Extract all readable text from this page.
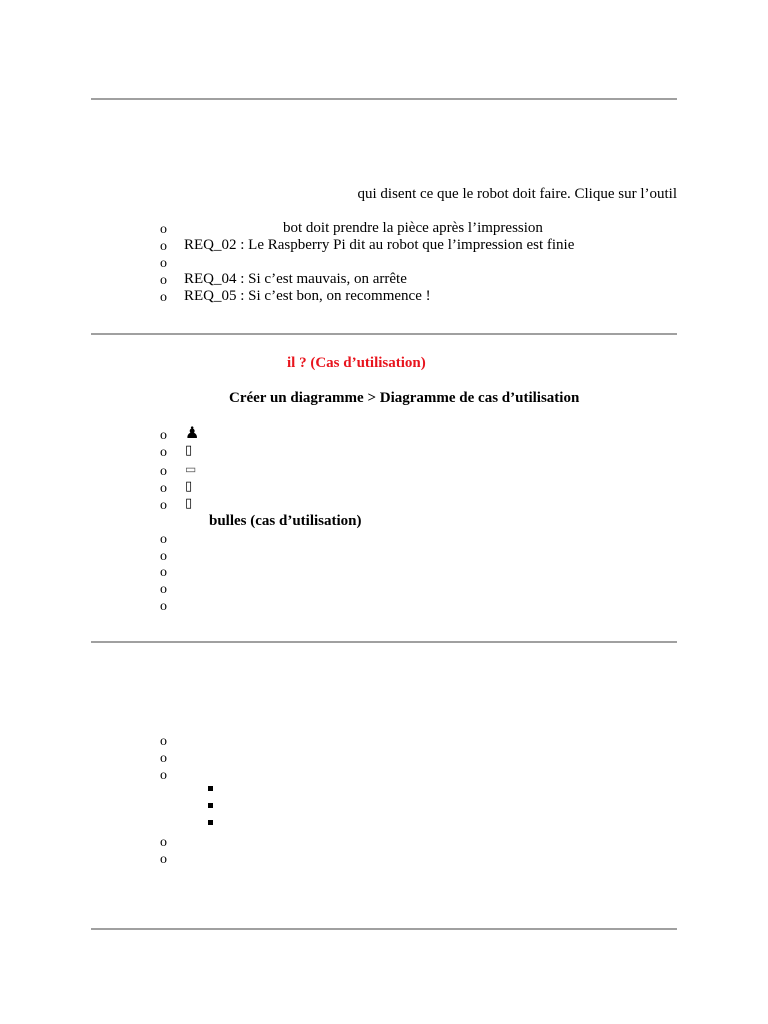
qui disent ce que le robot doit faire. Clique sur l’outil
o	bot doit prendre la pièce après l’impression
o REQ_02 : Le Raspberry Pi dit au robot que l’impression est finie
o
o REQ_04 : Si c’est mauvais, on arrête
o REQ_05 : Si c’est bon, on recommence !
il ? (Cas d’utilisation)
Créer un diagramme > Diagramme de cas d’utilisation
o ♟
o ▯
o ▭
o ▯
o ▯
bulles (cas d’utilisation)
o
o
o
o
o
o
o
o
o
o
